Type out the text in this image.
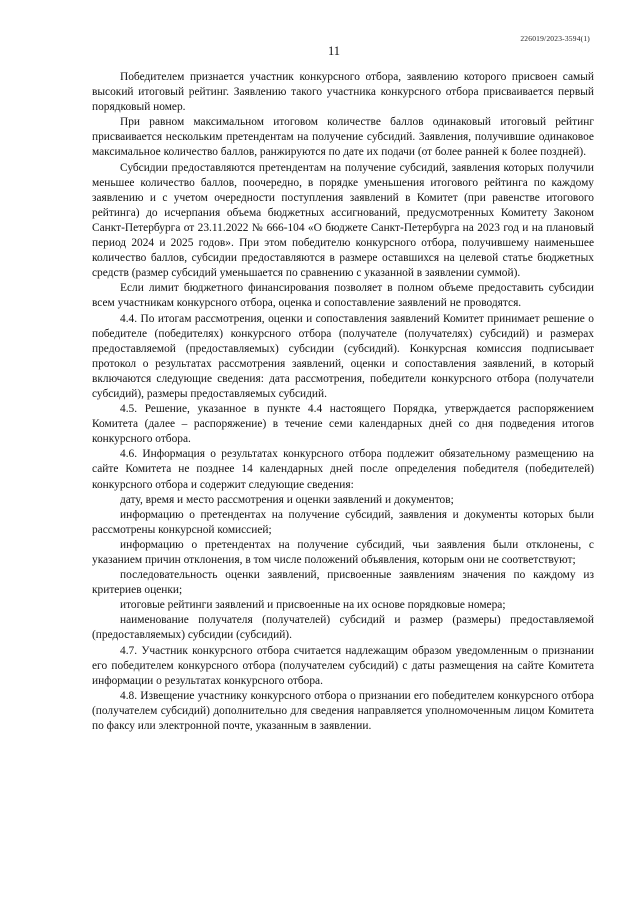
226019/2023-3594(1)
11

Победителем признается участник конкурсного отбора, заявлению которого присвоен самый высокий итоговый рейтинг. Заявлению такого участника конкурсного отбора присваивается первый порядковый номер.

При равном максимальном итоговом количестве баллов одинаковый итоговый рейтинг присваивается нескольким претендентам на получение субсидий. Заявления, получившие одинаковое максимальное количество баллов, ранжируются по дате их подачи (от более ранней к более поздней).

Субсидии предоставляются претендентам на получение субсидий, заявления которых получили меньшее количество баллов, поочередно, в порядке уменьшения итогового рейтинга по каждому заявлению и с учетом очередности поступления заявлений в Комитет (при равенстве итогового рейтинга) до исчерпания объема бюджетных ассигнований, предусмотренных Комитету Законом Санкт-Петербурга от 23.11.2022 № 666-104 «О бюджете Санкт-Петербурга на 2023 год и на плановый период 2024 и 2025 годов». При этом победителю конкурсного отбора, получившему наименьшее количество баллов, субсидии предоставляются в размере оставшихся на целевой статье бюджетных средств (размер субсидий уменьшается по сравнению с указанной в заявлении суммой).

Если лимит бюджетного финансирования позволяет в полном объеме предоставить субсидии всем участникам конкурсного отбора, оценка и сопоставление заявлений не проводятся.

4.4. По итогам рассмотрения, оценки и сопоставления заявлений Комитет принимает решение о победителе (победителях) конкурсного отбора (получателе (получателях) субсидий) и размерах предоставляемой (предоставляемых) субсидии (субсидий). Конкурсная комиссия подписывает протокол о результатах рассмотрения заявлений, оценки и сопоставления заявлений, в который включаются следующие сведения: дата рассмотрения, победители конкурсного отбора (получатели субсидий), размеры предоставляемых субсидий.

4.5. Решение, указанное в пункте 4.4 настоящего Порядка, утверждается распоряжением Комитета (далее – распоряжение) в течение семи календарных дней со дня подведения итогов конкурсного отбора.

4.6. Информация о результатах конкурсного отбора подлежит обязательному размещению на сайте Комитета не позднее 14 календарных дней после определения победителя (победителей) конкурсного отбора и содержит следующие сведения:

дату, время и место рассмотрения и оценки заявлений и документов;

информацию о претендентах на получение субсидий, заявления и документы которых были рассмотрены конкурсной комиссией;

информацию о претендентах на получение субсидий, чьи заявления были отклонены, с указанием причин отклонения, в том числе положений объявления, которым они не соответствуют;

последовательность оценки заявлений, присвоенные заявлениям значения по каждому из критериев оценки;

итоговые рейтинги заявлений и присвоенные на их основе порядковые номера;

наименование получателя (получателей) субсидий и размер (размеры) предоставляемой (предоставляемых) субсидии (субсидий).

4.7. Участник конкурсного отбора считается надлежащим образом уведомленным о признании его победителем конкурсного отбора (получателем субсидий) с даты размещения на сайте Комитета информации о результатах конкурсного отбора.

4.8. Извещение участнику конкурсного отбора о признании его победителем конкурсного отбора (получателем субсидий) дополнительно для сведения направляется уполномоченным лицом Комитета по факсу или электронной почте, указанным в заявлении.
